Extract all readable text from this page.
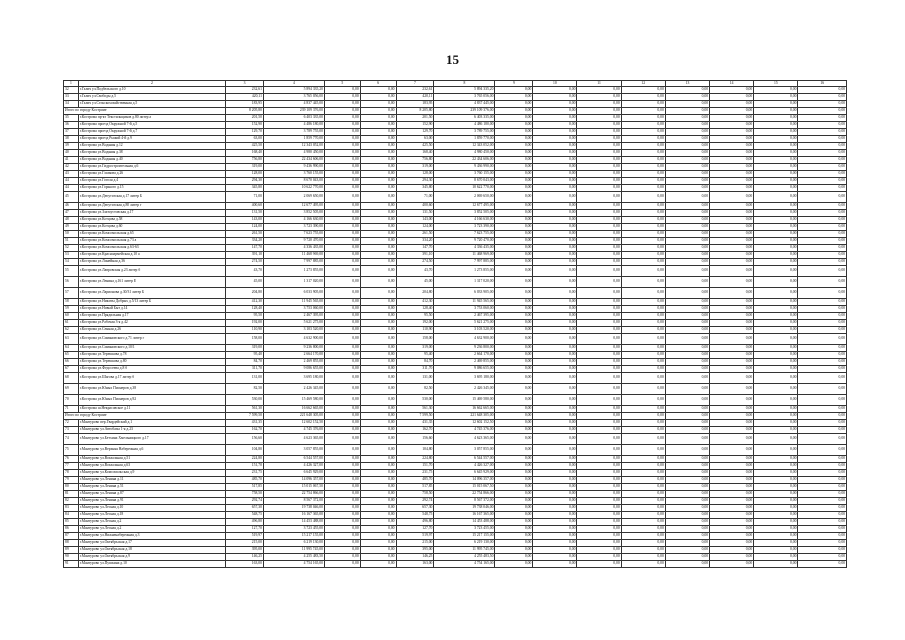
15
1	2	3	4	5	6	7	8	9	10	11	12	13	14	15	16
32	г.Галич ул.Подбельского д.10	232,61	5 894 335,20	0,00	0,00	232,61	5 894 335,20	0,00	0,00	0,00	0,00	0,00	0,00	0,00	0,00
33	г.Галич ул.Свободы д.5	420,11	3 765 056,00	0,00	0,00	420,11	3 765 056,00	0,00	0,00	0,00	0,00	0,00	0,00	0,00	0,00
34	г.Галич ул.Сельскохозяйственная д.5	183,95	4 837 445,00	0,00	0,00	183,95	4 837 445,00	0,00	0,00	0,00	0,00	0,00	0,00	0,00	0,00
Итого по городу Костроме		8 205,80	239 109 376,00	0,00	0,00	8 205,80	239 109 376,00	0,00	0,00	0,00	0,00	0,00	0,00	0,00	0,00
35	г.Кострома пр-кт Текстильщиков д.80 литер а	201,50	6 403 335,00	0,00	0,00	201,50	6 403 335,00	0,00	0,00	0,00	0,00	0,00	0,00	0,00	0,00
36	г.Кострома проезд Окружной 7-й д.5	152,90	4 486 180,00	0,00	0,00	152,90	4 486 180,00	0,00	0,00	0,00	0,00	0,00	0,00	0,00	0,00
37	г.Кострома проезд Окружной 7-й д.7	129,70	3 789 755,00	0,00	0,00	129,70	3 789 755,00	0,00	0,00	0,00	0,00	0,00	0,00	0,00	0,00
38	г.Кострома проезд Рыжий 4-й д.9	63,00	1 859 770,00	0,00	0,00	63,00	1 859 770,00	0,00	0,00	0,00	0,00	0,00	0,00	0,00	0,00
39	г.Кострома ул.Водяная д.12	425,50	12 343 052,00	0,00	0,00	425,50	12 343 052,00	0,00	0,00	0,00	0,00	0,00	0,00	0,00	0,00
40	г.Кострома ул.Водяная д.38	168,40	4 980 450,00	0,00	0,00	168,40	4 980 450,00	0,00	0,00	0,00	0,00	0,00	0,00	0,00	0,00
41	г.Кострома ул.Водяная д.40	756,80	22 434 606,00	0,00	0,00	756,80	22 434 606,00	0,00	0,00	0,00	0,00	0,00	0,00	0,00	0,00
42	г.Кострома ул.Гидростроительная д.6	319,00	9 436 990,00	0,00	0,00	319,00	9 436 990,00	0,00	0,00	0,00	0,00	0,00	0,00	0,00	0,00
43	г.Кострома ул.Глазкова д.26	128,00	3 760 155,00	0,00	0,00	128,00	3 760 155,00	0,00	0,00	0,00	0,00	0,00	0,00	0,00	0,00
44	г.Кострома ул.Гоголя д.4	294,30	8 670 043,00	0,00	0,00	294,30	8 670 043,00	0,00	0,00	0,00	0,00	0,00	0,00	0,00	0,00
44	г.Кострома ул.Горького д.15	345,80	10 622 770,00	0,00	0,00	345,80	10 622 770,00	0,00	0,00	0,00	0,00	0,00	0,00	0,00	0,00
45	г.Кострома ул.Депутатская д.17 литер Б	71,00	2 069 650,00	0,00	0,00	71,00	2 069 650,00	0,00	0,00	0,00	0,00	0,00	0,00	0,00	0,00
46	г.Кострома ул.Депутатская д.80 литер г	400,60	12 677 495,00	0,00	0,00	400,60	12 677 495,00	0,00	0,00	0,00	0,00	0,00	0,00	0,00	0,00
47	г.Кострома ул.Златоустовская д.17	131,50	3 852 505,00	0,00	0,00	131,50	3 852 505,00	0,00	0,00	0,00	0,00	0,00	0,00	0,00	0,00
48	г.Кострома ул.Котцова д.58	143,00	4 166 630,00	0,00	0,00	143,00	4 166 630,00	0,00	0,00	0,00	0,00	0,00	0,00	0,00	0,00
49	г.Кострома ул.Котцова д.60	124,00	3 723 390,00	0,00	0,00	124,00	3 723 390,00	0,00	0,00	0,00	0,00	0,00	0,00	0,00	0,00
50	г.Кострома ул.Комсомольская д.65	261,50	7 623 755,00	0,00	0,00	261,50	7 623 755,00	0,00	0,00	0,00	0,00	0,00	0,00	0,00	0,00
51	г.Кострома ул.Комсомольская д.73 а	334,20	9 720 470,00	0,00	0,00	334,20	9 720 470,00	0,00	0,00	0,00	0,00	0,00	0,00	0,00	0,00
52	г.Кострома ул.Комсомольская д.63-63	147,70	4 336 435,00	0,00	0,00	147,70	4 336 435,00	0,00	0,00	0,00	0,00	0,00	0,00	0,00	0,00
53	г.Кострома ул.Красноармейская д.10 а	391,10	11 468 969,00	0,00	0,00	391,10	11 468 969,00	0,00	0,00	0,00	0,00	0,00	0,00	0,00	0,00
54	г.Кострома ул.Линейная д.36	274,50	7 997 885,00	0,00	0,00	274,50	7 997 885,00	0,00	0,00	0,00	0,00	0,00	0,00	0,00	0,00
55	г.Кострома ул.Лавровская д.23 литер б	43,70	1 273 855,00	0,00	0,00	43,70	1 273 855,00	0,00	0,00	0,00	0,00	0,00	0,00	0,00	0,00
56	г.Кострома ул.Ленина д.161 литер Е	45,00	1 317 020,00	0,00	0,00	45,00	1 317 020,00	0,00	0,00	0,00	0,00	0,00	0,00	0,00	0,00
57	г.Кострома ул.Ларионова д.30/31 литер Б	204,80	6 033 905,00	0,00	0,00	204,80	6 033 905,00	0,00	0,00	0,00	0,00	0,00	0,00	0,00	0,00
58	г.Кострома ул.Никиты Добрых д.5/13 литер Б	412,30	11 945 565,00	0,00	0,00	412,30	11 945 565,00	0,00	0,00	0,00	0,00	0,00	0,00	0,00	0,00
59	г.Кострома ул.Новый Быт д.14	128,40	3 753 060,00	0,00	0,00	128,40	3 753 060,00	0,00	0,00	0,00	0,00	0,00	0,00	0,00	0,00
60	г.Кострома ул.Прядильная д.17	95,50	2 467 395,00	0,00	0,00	95,50	2 467 395,00	0,00	0,00	0,00	0,00	0,00	0,00	0,00	0,00
61	г.Кострома ул.Рабочая 3-я д.42	192,00	5 621 275,00	0,00	0,00	192,00	5 621 275,00	0,00	0,00	0,00	0,00	0,00	0,00	0,00	0,00
62	г.Кострома ул.Сенная д.26	110,90	3 103 520,00	0,00	0,00	110,90	3 103 520,00	0,00	0,00	0,00	0,00	0,00	0,00	0,00	0,00
63	г.Кострома ул.Симановского д.71 литер г	158,00	4 632 900,00	0,00	0,00	158,00	4 632 900,00	0,00	0,00	0,00	0,00	0,00	0,00	0,00	0,00
64	г.Кострома ул.Симановского д.10/1	319,00	9 236 800,00	0,00	0,00	319,00	9 236 800,00	0,00	0,00	0,00	0,00	0,00	0,00	0,00	0,00
65	г.Кострома ул.Терешкова д.78	95,40	2 664 170,00	0,00	0,00	95,40	2 664 170,00	0,00	0,00	0,00	0,00	0,00	0,00	0,00	0,00
66	г.Кострома ул.Терешкова д.80	84,70	2 469 855,00	0,00	0,00	84,70	2 469 855,00	0,00	0,00	0,00	0,00	0,00	0,00	0,00	0,00
67	г.Кострома ул.Федосеева д.8 б	311,70	9 086 655,00	0,00	0,00	311,70	9 086 655,00	0,00	0,00	0,00	0,00	0,00	0,00	0,00	0,00
68	г.Кострома ул.Шагова д.17 литер б	131,00	3 695 180,00	0,00	0,00	131,00	3 695 180,00	0,00	0,00	0,00	0,00	0,00	0,00	0,00	0,00
69	г.Кострома ул.Юных Пионеров д.38	82,50	2 426 345,00	0,00	0,00	82,50	2 426 345,00	0,00	0,00	0,00	0,00	0,00	0,00	0,00	0,00
70	г.Кострома ул.Юных Пионеров д.92	530,00	15 469 580,00	0,00	0,00	530,00	15 469 580,00	0,00	0,00	0,00	0,00	0,00	0,00	0,00	0,00
71	г.Кострома ш.Некрасовское д.11	561,30	16 662 665,00	0,00	0,00	561,30	16 662 665,00	0,00	0,00	0,00	0,00	0,00	0,00	0,00	0,00
Итого по городу Костроме		7 599,50	221 648 305,00	0,00	0,00	7 599,50	221 648 305,00	0,00	0,00	0,00	0,00	0,00	0,00	0,00	0,00
72	г.Мантурово пер.Гвардейский д.1	431,35	12 602 152,50	0,00	0,00	431,35	12 602 152,50	0,00	0,00	0,00	0,00	0,00	0,00	0,00	0,00
73	г.Мантурово ул.Автобазы 1-я д.23	162,70	4 745 376,00	0,00	0,00	162,70	4 745 376,00	0,00	0,00	0,00	0,00	0,00	0,00	0,00	0,00
74	г.Мантурово ул.Бетхина Хмельницкого д.17	156,60	4 623 365,00	0,00	0,00	156,60	4 623 365,00	0,00	0,00	0,00	0,00	0,00	0,00	0,00	0,00
75	г.Мантурово ул.Верхняя Набережная д.6	104,80	3 057 855,00	0,00	0,00	104,80	3 057 855,00	0,00	0,00	0,00	0,00	0,00	0,00	0,00	0,00
76	г.Мантурово ул.Вокзальная д.51	224,80	6 544 557,00	0,00	0,00	224,80	6 544 557,00	0,00	0,00	0,00	0,00	0,00	0,00	0,00	0,00
77	г.Мантурово ул.Вокзальная д.63	151,70	4 426 327,00	0,00	0,00	151,70	4 426 327,00	0,00	0,00	0,00	0,00	0,00	0,00	0,00	0,00
78	г.Мантурово ул.Комсомольская д.9	231,75	6 645 929,00	0,00	0,00	231,75	6 645 929,00	0,00	0,00	0,00	0,00	0,00	0,00	0,00	0,00
79	г.Мантурово ул.Ленина д.11	485,70	14 096 357,00	0,00	0,00	485,70	14 096 357,00	0,00	0,00	0,00	0,00	0,00	0,00	0,00	0,00
80	г.Мантурово ул.Ленина д.51	517,85	15 015 067,50	0,00	0,00	517,85	15 015 067,50	0,00	0,00	0,00	0,00	0,00	0,00	0,00	0,00
81	г.Мантурово ул.Ленина д.87	758,50	22 754 866,00	0,00	0,00	758,50	22 754 866,00	0,00	0,00	0,00	0,00	0,00	0,00	0,00	0,00
82	г.Мантурово ул.Ленина д.91	292,74	8 567 372,00	0,00	0,00	292,74	8 567 372,00	0,00	0,00	0,00	0,00	0,00	0,00	0,00	0,00
83	г.Мантурово ул.Лесная д.10	657,30	19 738 046,00	0,00	0,00	657,30	19 738 046,00	0,00	0,00	0,00	0,00	0,00	0,00	0,00	0,00
84	г.Мантурово ул.Лесная д.18	548,75	16 167 365,00	0,00	0,00	548,75	16 167 365,00	0,00	0,00	0,00	0,00	0,00	0,00	0,00	0,00
85	г.Мантурово ул.Лесная д.2	496,80	14 453 488,00	0,00	0,00	496,80	14 453 488,00	0,00	0,00	0,00	0,00	0,00	0,00	0,00	0,00
86	г.Мантурово ул.Лесная д.2	127,70	3 723 455,00	0,00	0,00	127,70	3 723 455,00	0,00	0,00	0,00	0,00	0,00	0,00	0,00	0,00
87	г.Мантурово ул.Нижненабережная д.3	519,97	15 217 155,00	0,00	0,00	519,97	15 217 155,00	0,00	0,00	0,00	0,00	0,00	0,00	0,00	0,00
88	г.Мантурово ул.Октябрьская д.17	215,00	6 219 130,00	0,00	0,00	215,00	6 219 130,00	0,00	0,00	0,00	0,00	0,00	0,00	0,00	0,00
89	г.Мантурово ул.Октябрьская д.18	395,00	11 995 745,00	0,00	0,00	395,00	11 995 745,00	0,00	0,00	0,00	0,00	0,00	0,00	0,00	0,00
90	г.Мантурово ул.Октябрьская д.9	146,25	4 255 483,50	0,00	0,00	146,25	4 255 483,50	0,00	0,00	0,00	0,00	0,00	0,00	0,00	0,00
91	г.Мантурово ул.Пушкина д.10	163,00	4 754 165,00	0,00	0,00	163,00	4 754 165,00	0,00	0,00	0,00	0,00	0,00	0,00	0,00	0,00
